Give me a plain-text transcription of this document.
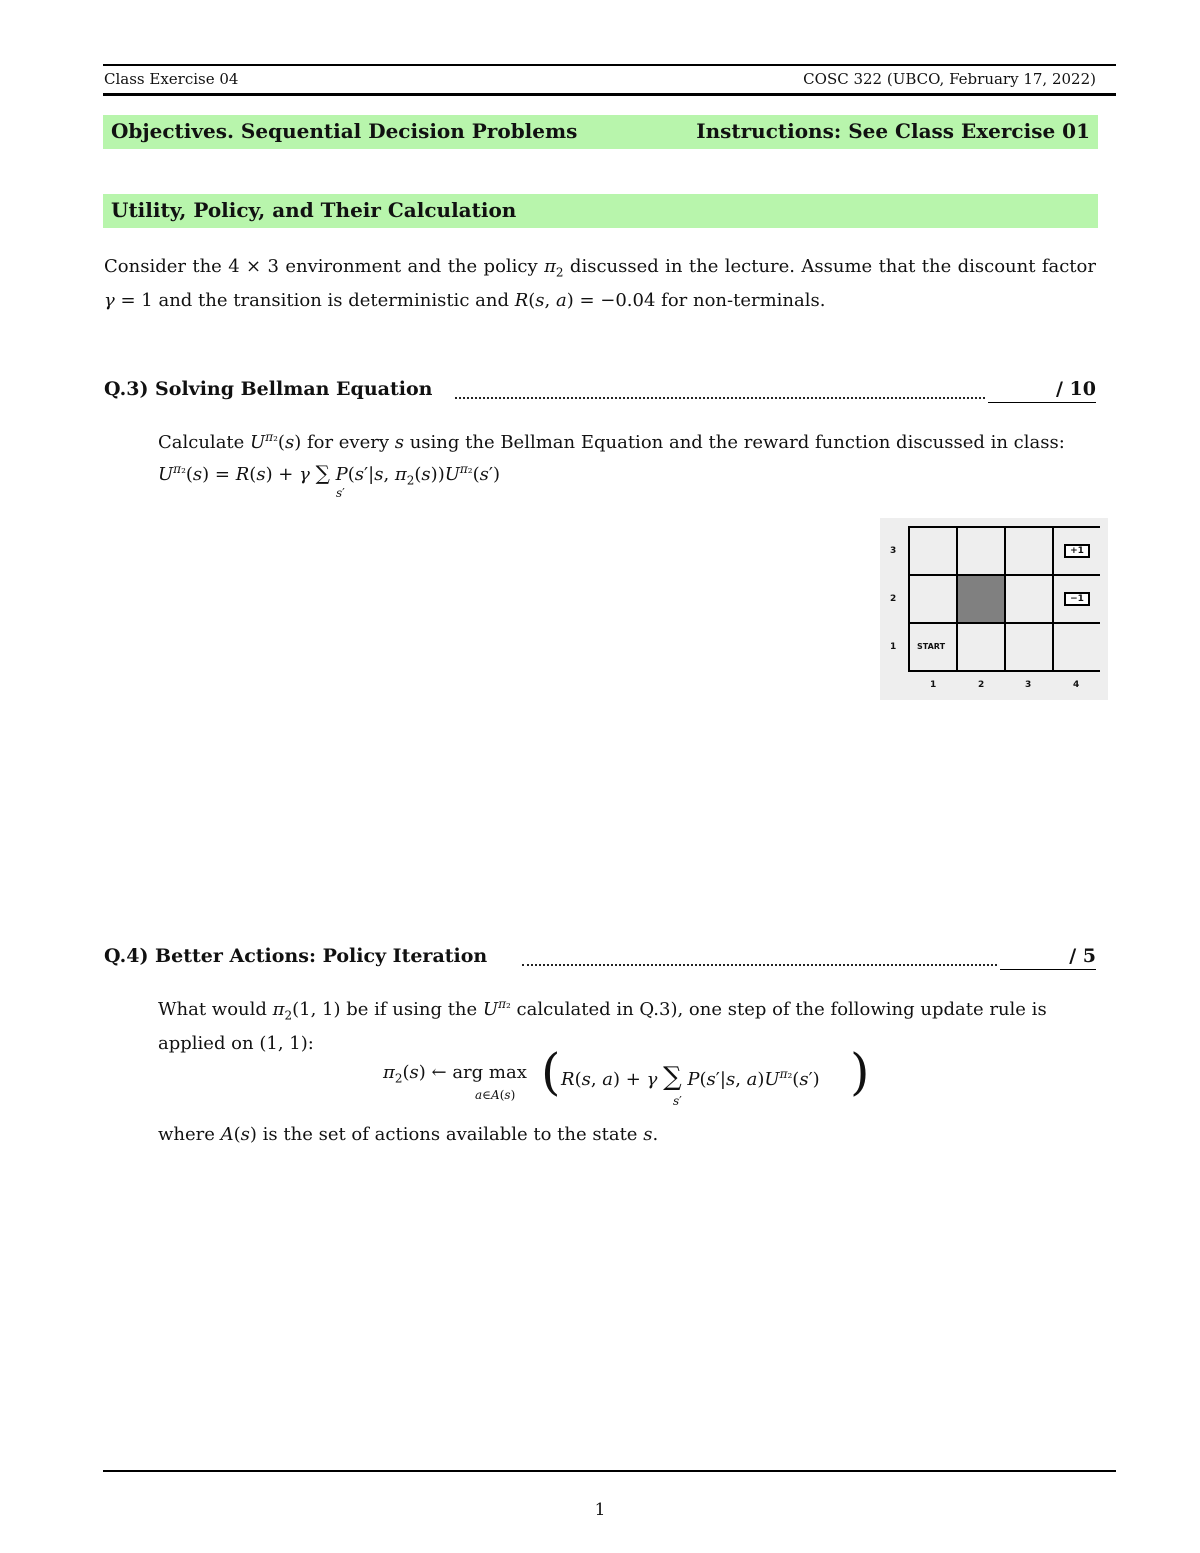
Class Exercise 04	COSC 322 (UBCO, February 17, 2022)
Objectives. Sequential Decision Problems	Instructions: See Class Exercise 01
Utility, Policy, and Their Calculation
Consider the 4 × 3 environment and the policy $\pi_2$ discussed in the lecture. Assume that the discount factor
γ = 1 and the transition is deterministic and R(s, a) = −0.04 for non-terminals.
Q.3) Solving Bellman Equation	/ 10
Calculate $U^{\pi_2}(s)$ for every s using the Bellman Equation and the reward function discussed in class:
$U^{\pi_2}(s) = R(s) + \gamma$ ∑ P(s′|s, $\pi_2(s))U^{\pi_2}(s')$
s′
+1
−1
START
3
2
1
1	2	3	4
Q.4) Better Actions: Policy Iteration	/ 5
What would $\pi_2(1$, 1) be if using the $U^{\pi_2}$ calculated in Q.3), one step of the following update rule is
applied on (1, 1):
$\pi_2(s)$ ← arg max
a∈A(s) ( R(s, a) + γ ∑ P(s′|s, $a)U^{\pi_2}(s')$
s′	)
where A(s) is the set of actions available to the state s.
1
